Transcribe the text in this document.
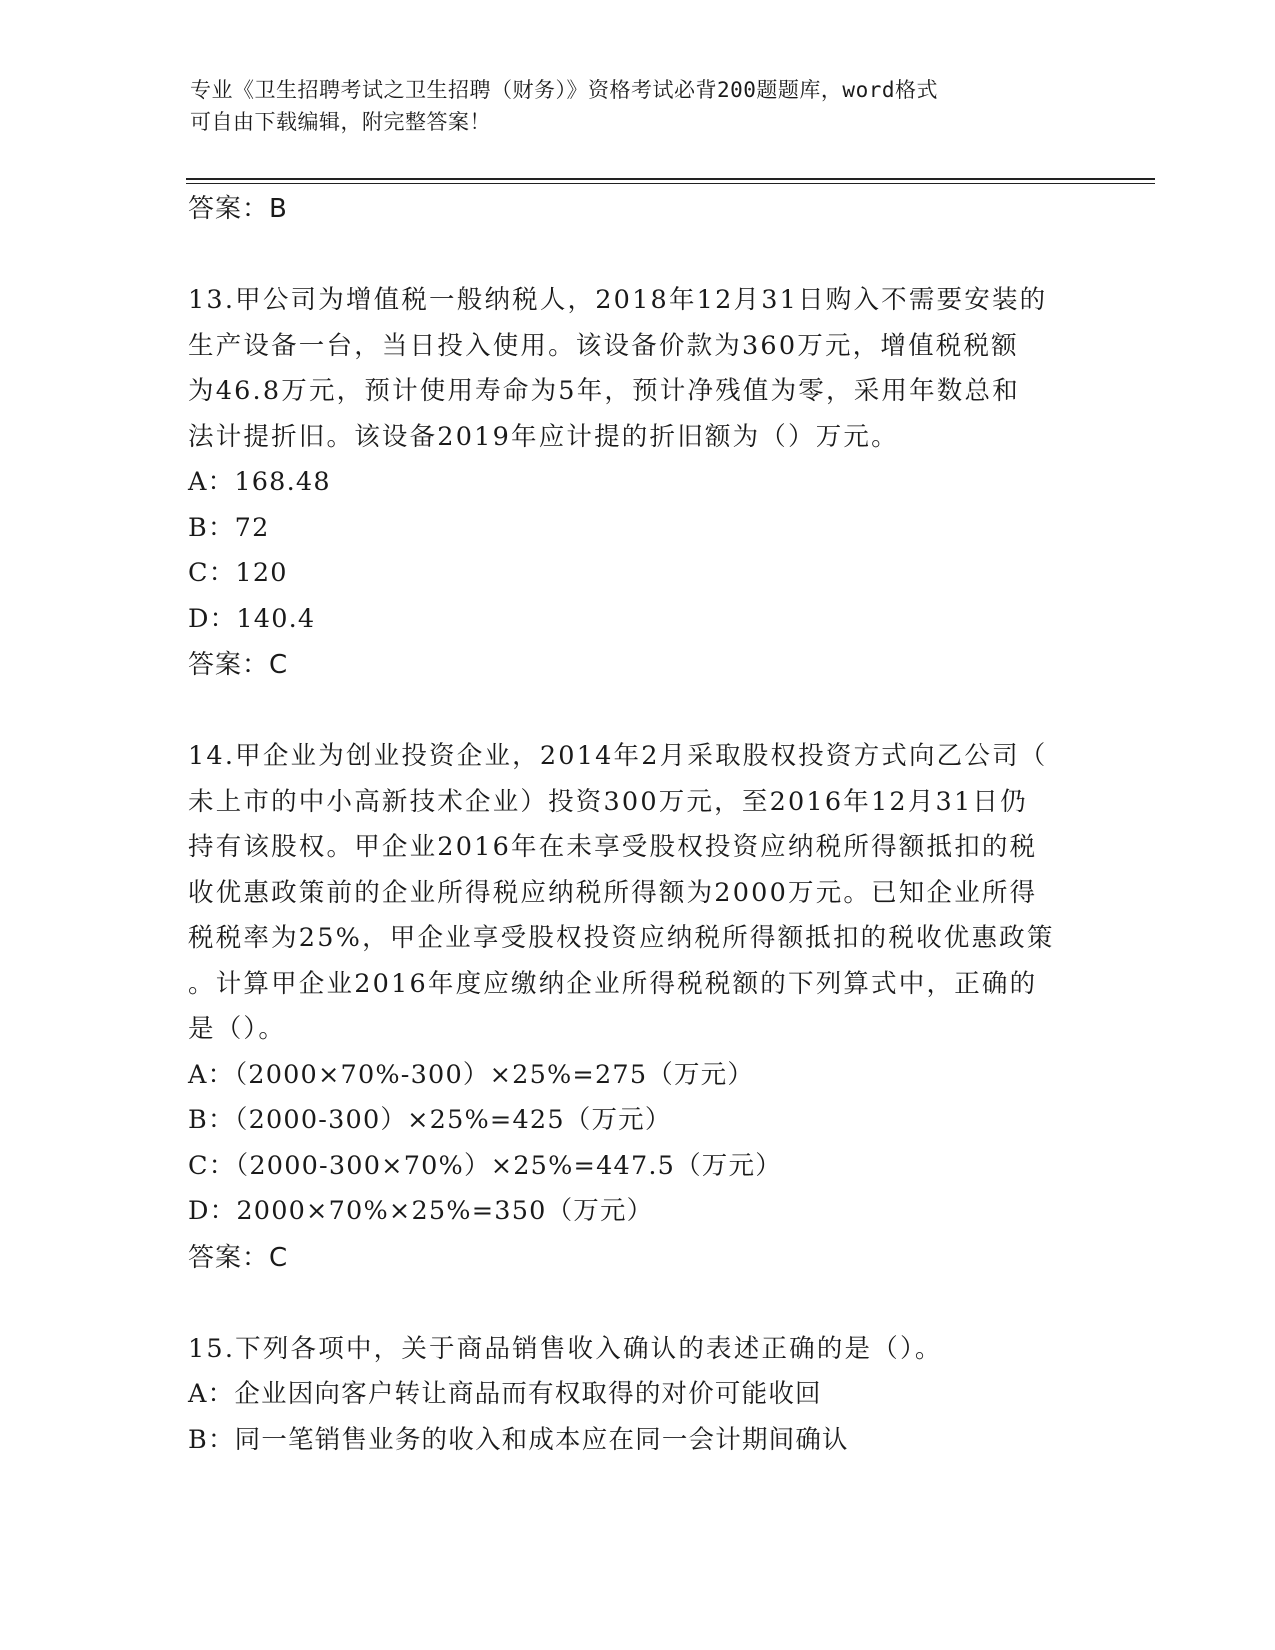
专业《卫生招聘考试之卫生招聘（财务）》资格考试必背200题题库，word格式
可自由下载编辑，附完整答案！
答案：B
13.甲公司为增值税一般纳税人，2018年12月31日购入不需要安装的
生产设备一台，当日投入使用。该设备价款为360万元，增值税税额
为46.8万元，预计使用寿命为5年，预计净残值为零，采用年数总和
法计提折旧。该设备2019年应计提的折旧额为（）万元。
A：168.48
B：72
C：120
D：140.4
答案：C
14.甲企业为创业投资企业，2014年2月采取股权投资方式向乙公司（
未上市的中小高新技术企业）投资300万元，至2016年12月31日仍
持有该股权。甲企业2016年在未享受股权投资应纳税所得额抵扣的税
收优惠政策前的企业所得税应纳税所得额为2000万元。已知企业所得
税税率为25%，甲企业享受股权投资应纳税所得额抵扣的税收优惠政策
。计算甲企业2016年度应缴纳企业所得税税额的下列算式中，正确的
是（）。
A：（2000×70%-300）×25%=275（万元）
B：（2000-300）×25%=425（万元）
C：（2000-300×70%）×25%=447.5（万元）
D：2000×70%×25%=350（万元）
答案：C
15.下列各项中，关于商品销售收入确认的表述正确的是（）。
A：企业因向客户转让商品而有权取得的对价可能收回
B：同一笔销售业务的收入和成本应在同一会计期间确认
